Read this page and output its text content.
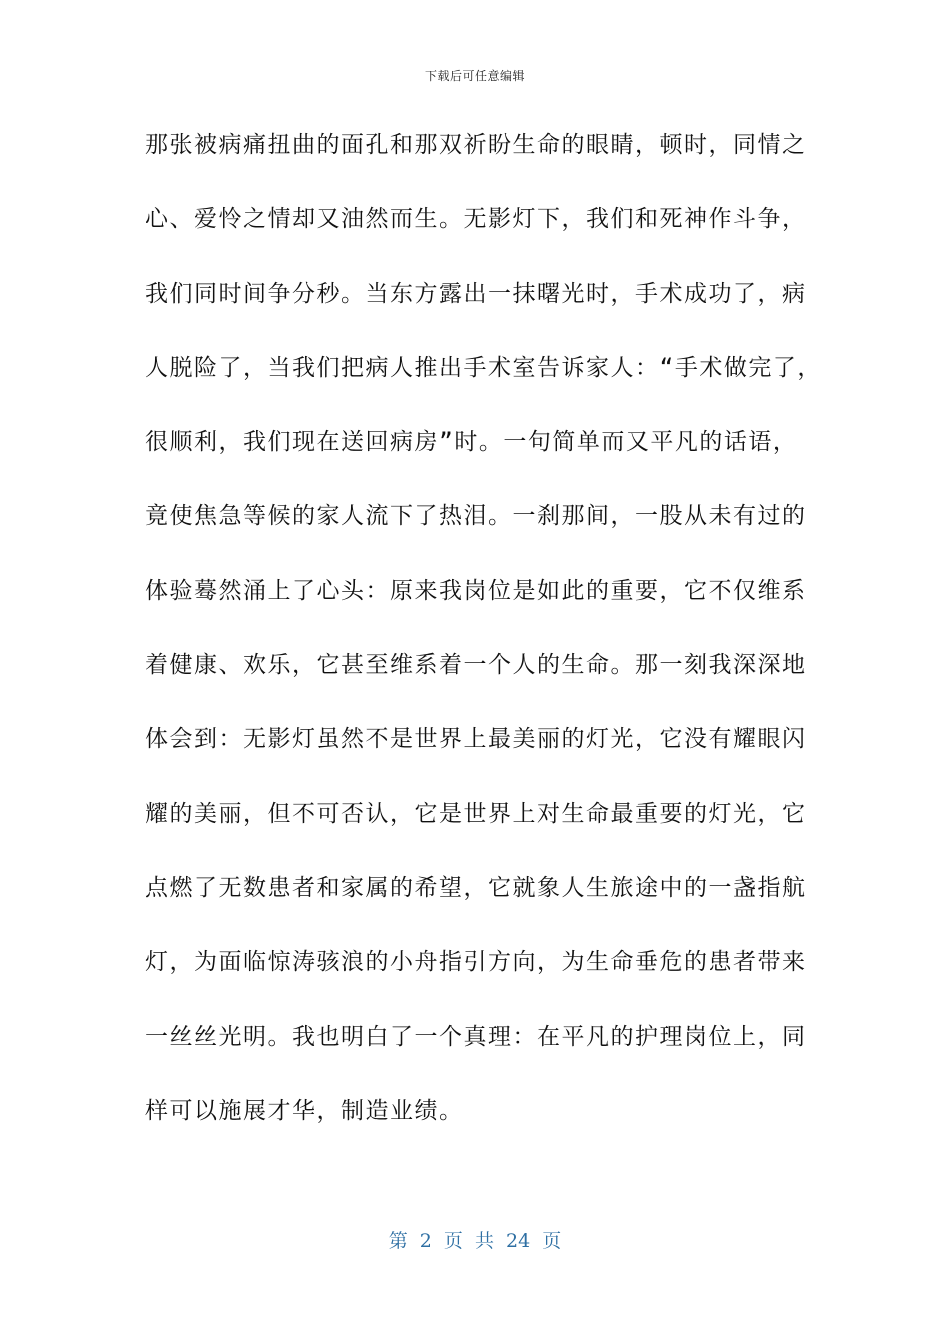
下载后可任意编辑
那张被病痛扭曲的面孔和那双祈盼生命的眼睛，顿时，同情之
心、爱怜之情却又油然而生。无影灯下，我们和死神作斗争，
我们同时间争分秒。当东方露出一抹曙光时，手术成功了，病
人脱险了，当我们把病人推出手术室告诉家人：“手术做完了，
很顺利，我们现在送回病房”时。一句简单而又平凡的话语，
竟使焦急等候的家人流下了热泪。一刹那间，一股从未有过的
体验蓦然涌上了心头：原来我岗位是如此的重要，它不仅维系
着健康、欢乐，它甚至维系着一个人的生命。那一刻我深深地
体会到：无影灯虽然不是世界上最美丽的灯光，它没有耀眼闪
耀的美丽，但不可否认，它是世界上对生命最重要的灯光，它
点燃了无数患者和家属的希望，它就象人生旅途中的一盏指航
灯，为面临惊涛骇浪的小舟指引方向，为生命垂危的患者带来
一丝丝光明。我也明白了一个真理：在平凡的护理岗位上，同
样可以施展才华，制造业绩。
第 2 页 共 24 页
